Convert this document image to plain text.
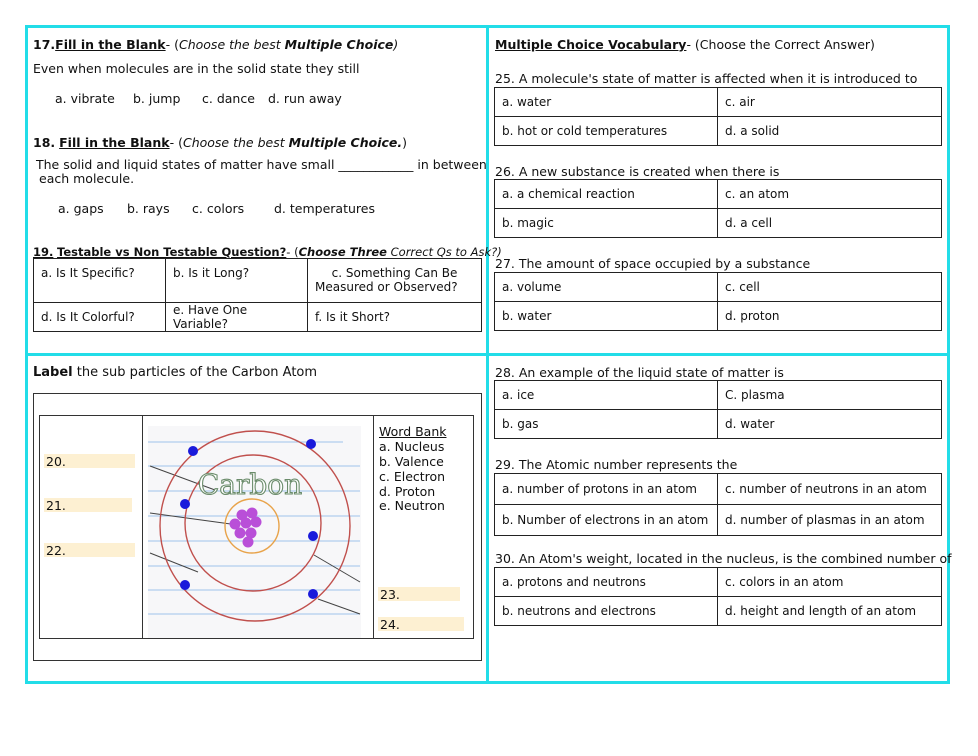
17.Fill in the Blank- (Choose the best Multiple Choice)
Even when molecules are in the solid state they still
a. vibrate b. jump c. dance d. run away
18. Fill in the Blank- (Choose the best Multiple Choice.)
The solid and liquid states of matter have small ____________ in between
each molecule.
a. gaps b. rays c. colors d. temperatures
19. Testable vs Non Testable Question?- (Choose Three Correct Qs to Ask?)
a. Is It Specific?	b. Is it Long?	c. Something Can Be
Measured or Observed?

d. Is It Colorful?	e. Have One Variable?	f. Is it Short?
Label the sub particles of the Carbon Atom
20.
21.
22.
23.
24.
Carbon
Word Bank
a. Nucleus
b. Valence
c. Electron
d. Proton
e. Neutron
Multiple Choice Vocabulary- (Choose the Correct Answer)
25. A molecule's state of matter is affected when it is introduced to
a. water	c. air
b. hot or cold temperatures	d. a solid
26. A new substance is created when there is
a. a chemical reaction	c. an atom
b. magic	d. a cell
27. The amount of space occupied by a substance
a. volume	c. cell
b. water	d. proton
28. An example of the liquid state of matter is
a. ice	C. plasma
b. gas	d. water
29. The Atomic number represents the
a. number of protons in an atom	c. number of neutrons in an atom
b. Number of electrons in an atom	d. number of plasmas in an atom
30. An Atom's weight, located in the nucleus, is the combined number of
a. protons and neutrons	c. colors in an atom
b. neutrons and electrons	d. height and length of an atom
